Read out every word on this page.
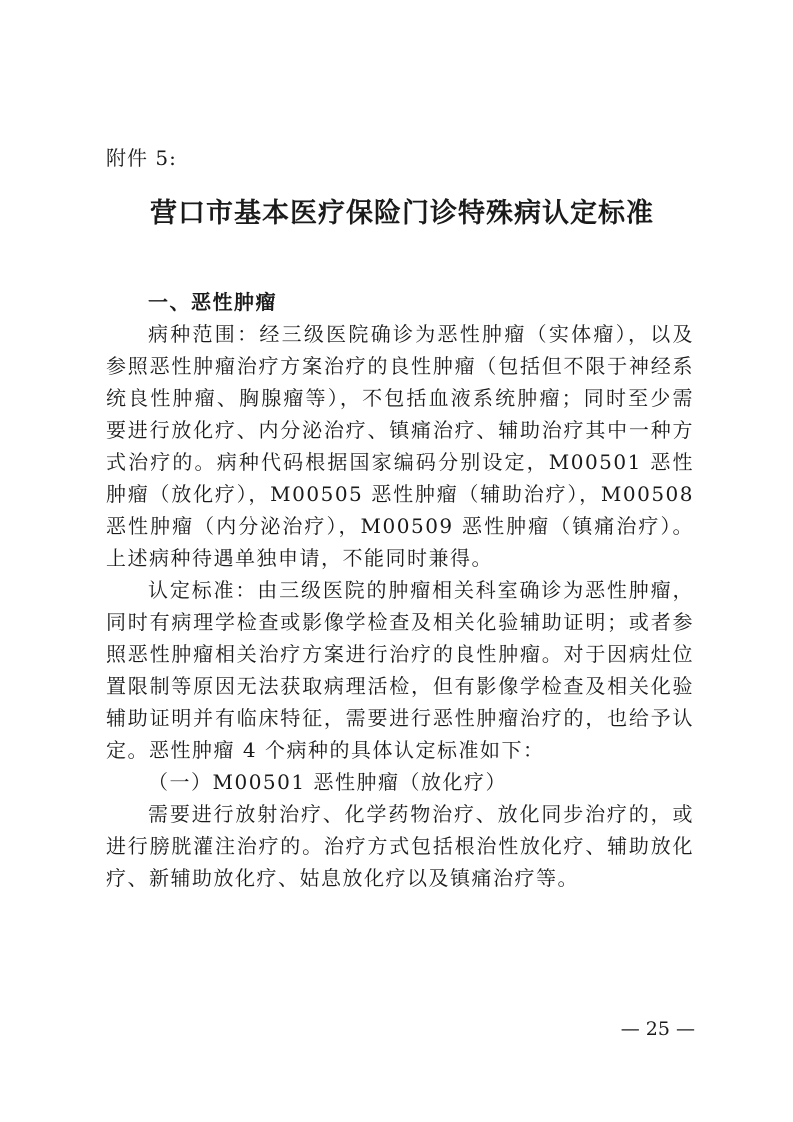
附件 5:
营口市基本医疗保险门诊特殊病认定标准

一、恶性肿瘤

病种范围：经三级医院确诊为恶性肿瘤（实体瘤），以及参照恶性肿瘤治疗方案治疗的良性肿瘤（包括但不限于神经系统良性肿瘤、胸腺瘤等），不包括血液系统肿瘤；同时至少需要进行放化疗、内分泌治疗、镇痛治疗、辅助治疗其中一种方式治疗的。病种代码根据国家编码分别设定，M00501 恶性肿瘤（放化疗），M00505 恶性肿瘤（辅助治疗），M00508 恶性肿瘤（内分泌治疗），M00509 恶性肿瘤（镇痛治疗）。上述病种待遇单独申请，不能同时兼得。

认定标准：由三级医院的肿瘤相关科室确诊为恶性肿瘤，同时有病理学检查或影像学检查及相关化验辅助证明；或者参照恶性肿瘤相关治疗方案进行治疗的良性肿瘤。对于因病灶位置限制等原因无法获取病理活检，但有影像学检查及相关化验辅助证明并有临床特征，需要进行恶性肿瘤治疗的，也给予认定。恶性肿瘤 4 个病种的具体认定标准如下：

（一）M00501 恶性肿瘤（放化疗）

需要进行放射治疗、化学药物治疗、放化同步治疗的，或进行膀胱灌注治疗的。治疗方式包括根治性放化疗、辅助放化疗、新辅助放化疗、姑息放化疗以及镇痛治疗等。

— 25 —
